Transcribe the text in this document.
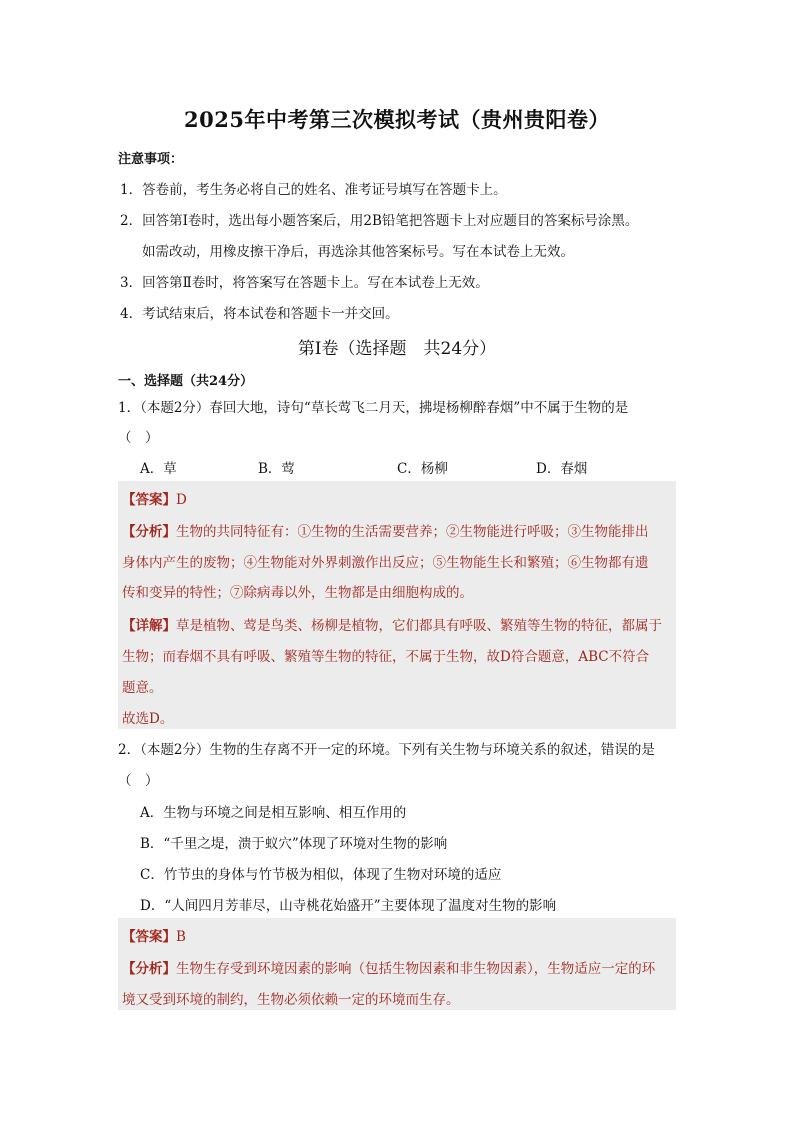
2025年中考第三次模拟考试（贵州贵阳卷）
注意事项：
1．答卷前，考生务必将自己的姓名、准考证号填写在答题卡上。
2．回答第Ⅰ卷时，选出每小题答案后，用2B铅笔把答题卡上对应题目的答案标号涂黑。
如需改动，用橡皮擦干净后，再选涂其他答案标号。写在本试卷上无效。
3．回答第Ⅱ卷时，将答案写在答题卡上。写在本试卷上无效。
4．考试结束后，将本试卷和答题卡一并交回。
第Ⅰ卷（选择题　共24分）
一、选择题（共24分）
1．（本题2分）春回大地，诗句“草长莺飞二月天，拂堤杨柳醉春烟”中不属于生物的是
（　）
A．草	B．莺	C．杨柳	D．春烟
【答案】D
【分析】生物的共同特征有：①生物的生活需要营养；②生物能进行呼吸；③生物能排出
身体内产生的废物；④生物能对外界刺激作出反应；⑤生物能生长和繁殖；⑥生物都有遗
传和变异的特性；⑦除病毒以外，生物都是由细胞构成的。
【详解】草是植物、莺是鸟类、杨柳是植物，它们都具有呼吸、繁殖等生物的特征，都属于
生物；而春烟不具有呼吸、繁殖等生物的特征，不属于生物，故D符合题意，ABC不符合
题意。
故选D。
2．（本题2分）生物的生存离不开一定的环境。下列有关生物与环境关系的叙述，错误的是
（　）
A．生物与环境之间是相互影响、相互作用的
B．“千里之堤，溃于蚁穴”体现了环境对生物的影响
C．竹节虫的身体与竹节极为相似，体现了生物对环境的适应
D．“人间四月芳菲尽，山寺桃花始盛开”主要体现了温度对生物的影响
【答案】B
【分析】生物生存受到环境因素的影响（包括生物因素和非生物因素），生物适应一定的环
境又受到环境的制约，生物必须依赖一定的环境而生存。
